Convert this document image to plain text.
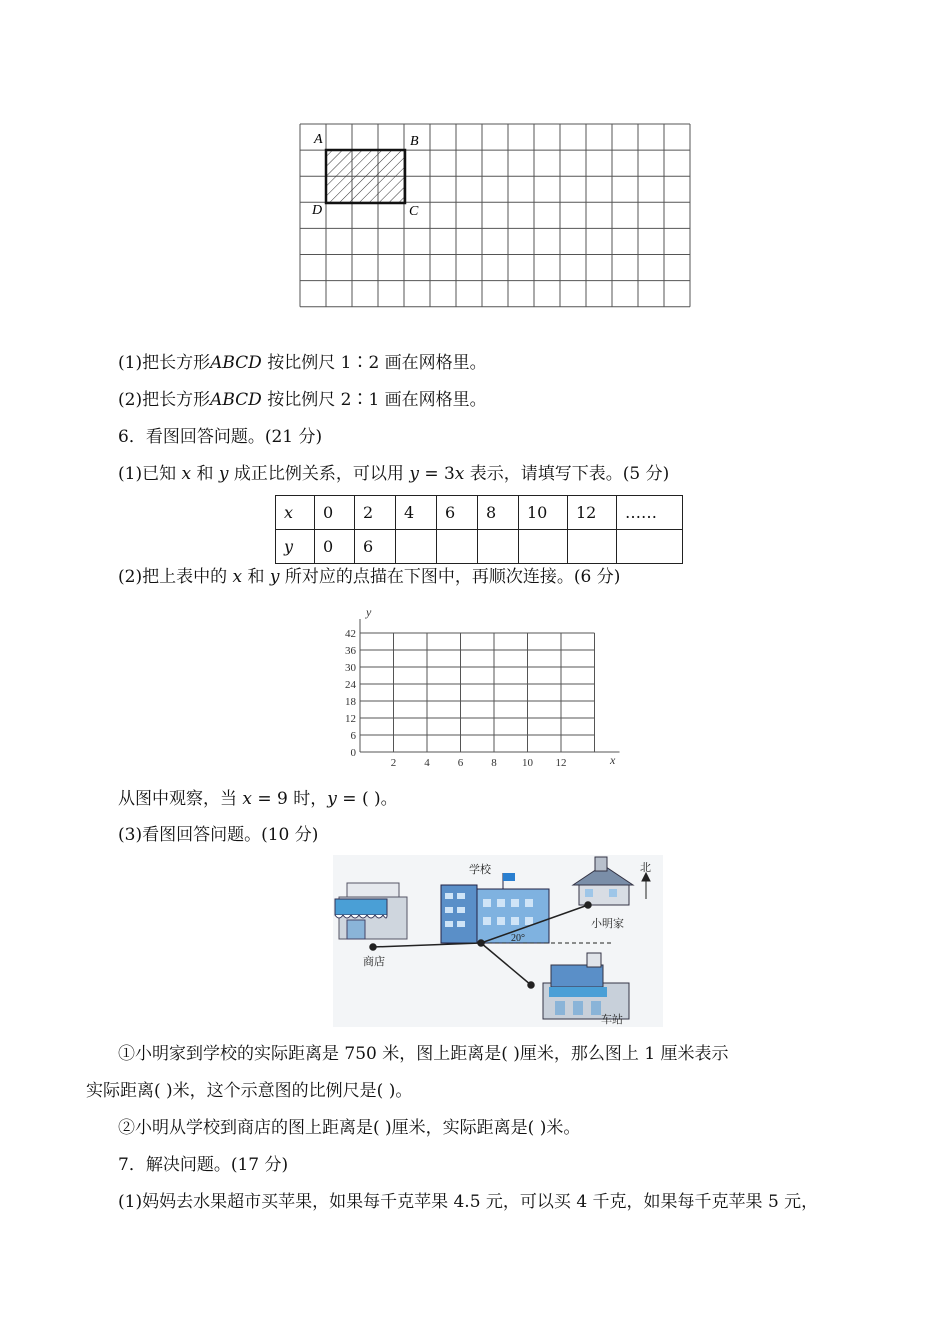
A	B
C
D
(1)把长方形ABCD 按比例尺 1∶2 画在网格里。
(2)把长方形ABCD 按比例尺 2∶1 画在网格里。
6．看图回答问题。(21 分)
(1)已知 x 和 y 成正比例关系，可以用 y = 3x 表示，请填写下表。(5 分)
x	0	2	4	6	8	10	12	……
y	0	6						
(2)把上表中的 x 和 y 所对应的点描在下图中，再顺次连接。(6 分)
0
6
12
18
24
30
36
42
2	4	6	8 10 12
y
x
从图中观察，当 x = 9 时，y = ( )。
(3)看图回答问题。(10 分)
北
学校
小明家
商店
车站
20°
①小明家到学校的实际距离是 750 米，图上距离是( )厘米，那么图上 1 厘米表示
实际距离( )米，这个示意图的比例尺是( )。
②小明从学校到商店的图上距离是( )厘米，实际距离是( )米。
7．解决问题。(17 分)
(1)妈妈去水果超市买苹果，如果每千克苹果 4.5 元，可以买 4 千克，如果每千克苹果 5 元，
